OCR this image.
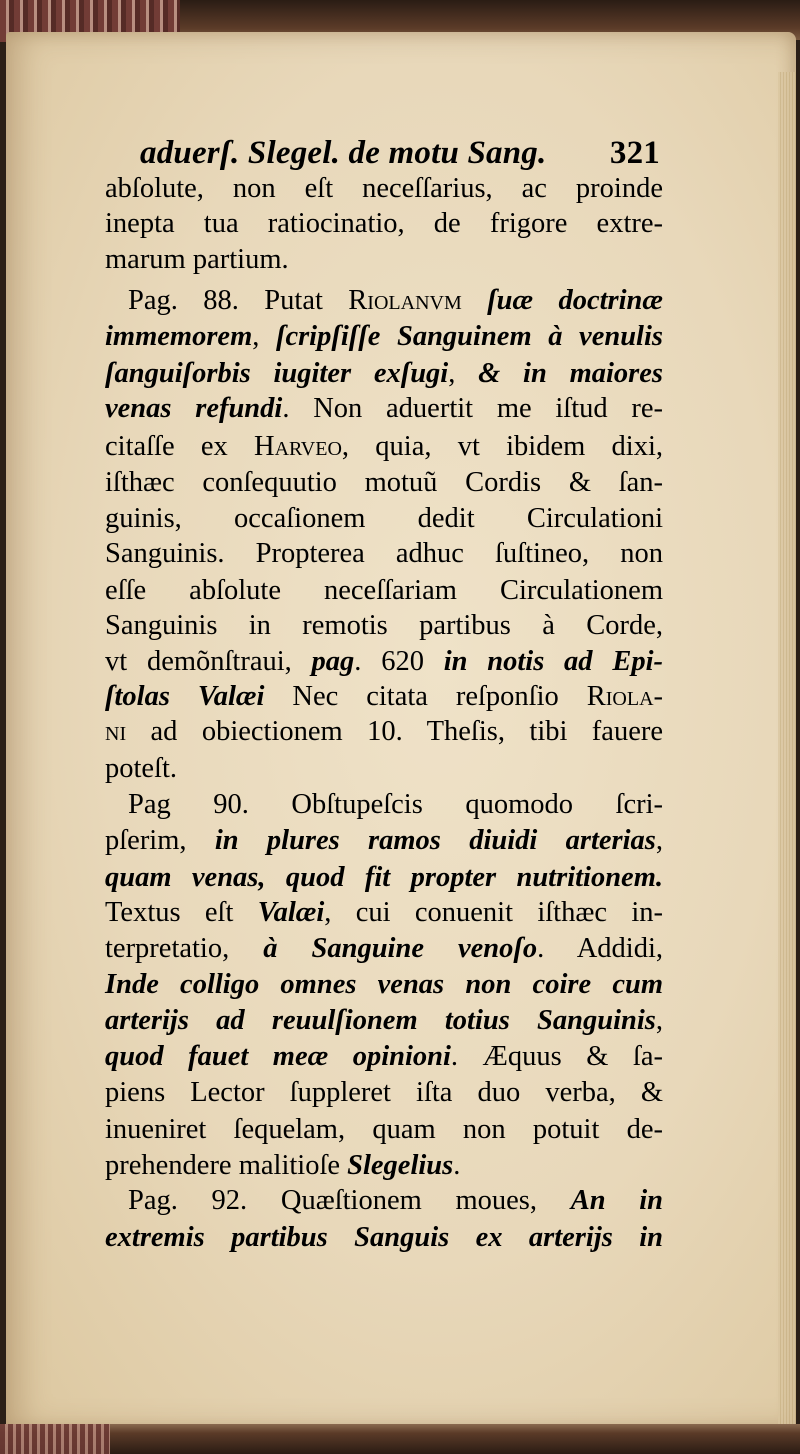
aduerſ. Slegel. de motu Sang. 321
abſolute, non eſt neceſſarius, ac proinde
inepta tua ratiocinatio, de frigore extre-
marum partium.
Pag. 88. Putat Riolanvm ſuæ doctrinæ
immemorem, ſcripſiſſe Sanguinem à venulis
ſanguiſorbis iugiter exſugi, & in maiores
venas refundi. Non aduertit me iſtud re-
citaſſe ex Harveo, quia, vt ibidem dixi,
iſthæc conſequutio motuũ Cordis & ſan-
guinis, occaſionem dedit Circulationi
Sanguinis. Propterea adhuc ſuſtineo, non
eſſe abſolute neceſſariam Circulationem
Sanguinis in remotis partibus à Corde,
vt demõnſtraui, pag. 620 in notis ad Epi-
ſtolas Valæi Nec citata reſponſio Riola-
ni ad obiectionem 10. Theſis, tibi fauere
poteſt.
Pag 90. Obſtupeſcis quomodo ſcri-
pſerim, in plures ramos diuidi arterias,
quam venas, quod fit propter nutritionem.
Textus eſt Valæi, cui conuenit iſthæc in-
terpretatio, à Sanguine venoſo. Addidi,
Inde colligo omnes venas non coire cum
arterijs ad reuulſionem totius Sanguinis,
quod fauet meæ opinioni. Æquus & ſa-
piens Lector ſuppleret iſta duo verba, &
inueniret ſequelam, quam non potuit de-
prehendere malitioſe Slegelius.
Pag. 92. Quæſtionem moues, An in
extremis partibus Sanguis ex arterijs in
